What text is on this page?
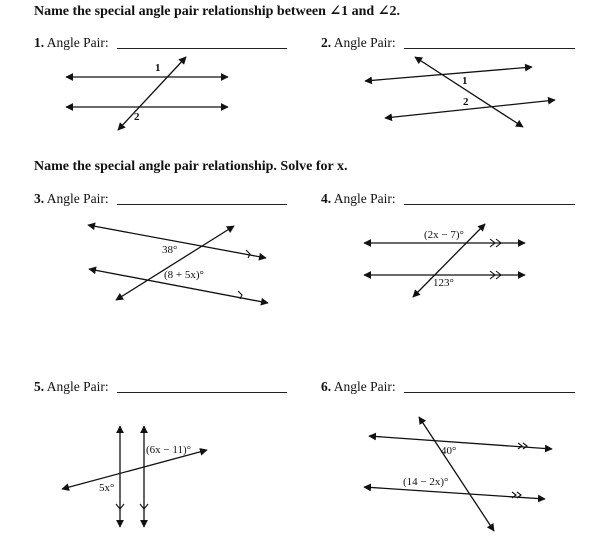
Name the special angle pair relationship between ∠1 and ∠2.
Name the special angle pair relationship. Solve for x.
1. Angle Pair:	2. Angle Pair:
3. Angle Pair:	4. Angle Pair:
5. Angle Pair:	6. Angle Pair:
1
2
1
2
38°
(8 + 5x)°
(2x − 7)°
123°
(6x − 11)°
5x°
40°
(14 − 2x)°
